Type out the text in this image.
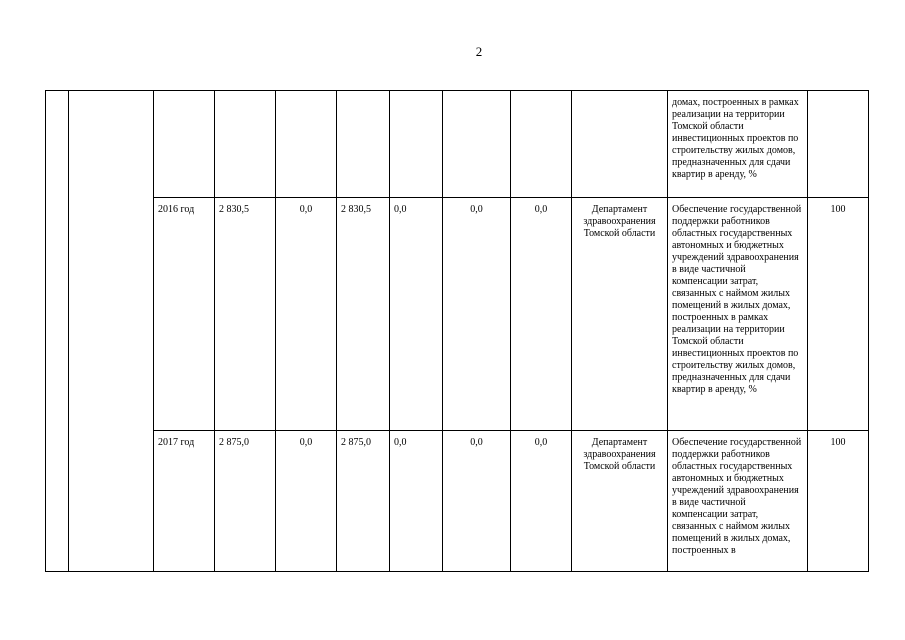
2
										домах, построенных в рамках реализации на территории Томской области инвестиционных проектов по строительству жилых домов, предназначенных для сдачи квартир в аренду, %	
		2016 год	2 830,5	0,0	2 830,5	0,0	0,0	0,0	Департамент здравоохранения Томской области	Обеспечение государственной поддержки работников областных государственных автономных и бюджетных учреждений здравоохранения в виде частичной компенсации затрат, связанных с наймом жилых помещений в жилых домах, построенных в рамках реализации на территории Томской области инвестиционных проектов по строительству жилых домов, предназначенных для сдачи квартир в аренду, %	100
		2017 год	2 875,0	0,0	2 875,0	0,0	0,0	0,0	Департамент здравоохранения Томской области	Обеспечение государственной поддержки работников областных государственных автономных и бюджетных учреждений здравоохранения в виде частичной компенсации затрат, связанных с наймом жилых помещений в жилых домах, построенных в	100
